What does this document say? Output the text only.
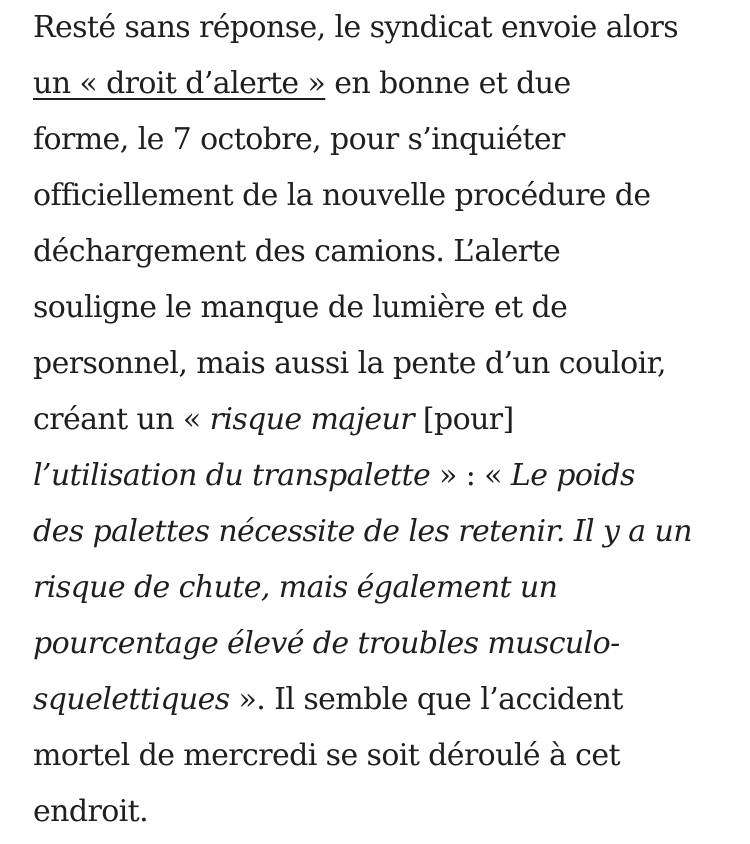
Resté sans réponse, le syndicat envoie alors
un « droit d’alerte » en bonne et due
forme, le 7 octobre, pour s’inquiéter
officiellement de la nouvelle procédure de
déchargement des camions. L’alerte
souligne le manque de lumière et de
personnel, mais aussi la pente d’un couloir,
créant un « risque majeur [pour]
l’utilisation du transpalette » : « Le poids
des palettes nécessite de les retenir. Il y a un
risque de chute, mais également un
pourcentage élevé de troubles musculo-
squelettiques ». Il semble que l’accident
mortel de mercredi se soit déroulé à cet
endroit.
